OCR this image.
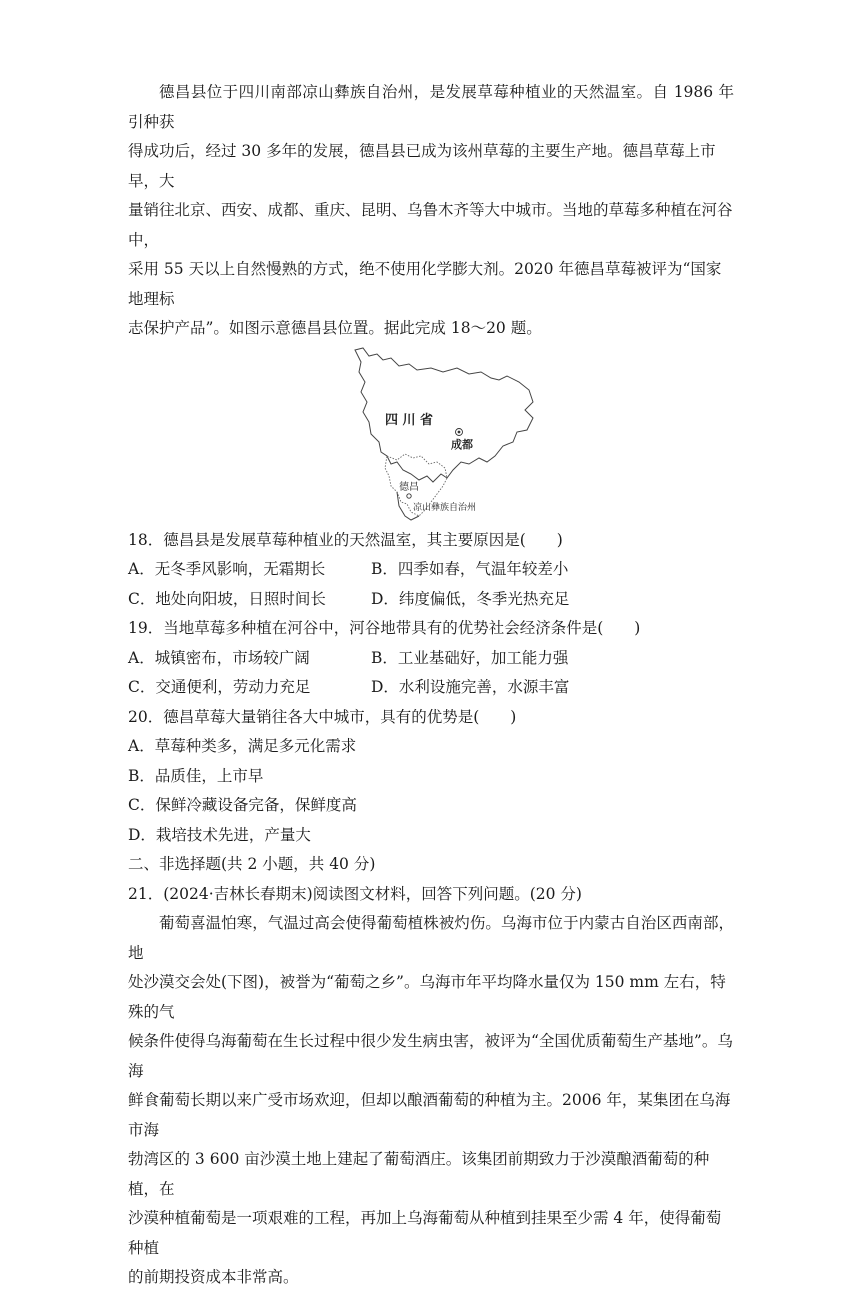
德昌县位于四川南部凉山彝族自治州，是发展草莓种植业的天然温室。自 1986 年引种获

得成功后，经过 30 多年的发展，德昌县已成为该州草莓的主要生产地。德昌草莓上市早，大

量销往北京、西安、成都、重庆、昆明、乌鲁木齐等大中城市。当地的草莓多种植在河谷中，

采用 55 天以上自然慢熟的方式，绝不使用化学膨大剂。2020 年德昌草莓被评为“国家地理标

志保护产品”。如图示意德昌县位置。据此完成 18～20 题。

四 川 省
成都
德昌
凉山彝族自治州

18．德昌县是发展草莓种植业的天然温室，其主要原因是(　　)

A．无冬季风影响，无霜期长	B．四季如春，气温年较差小

C．地处向阳坡，日照时间长	D．纬度偏低，冬季光热充足

19．当地草莓多种植在河谷中，河谷地带具有的优势社会经济条件是(　　)

A．城镇密布，市场较广阔	B．工业基础好，加工能力强

C．交通便利，劳动力充足	D．水利设施完善，水源丰富

20．德昌草莓大量销往各大中城市，具有的优势是(　　)

A．草莓种类多，满足多元化需求

B．品质佳，上市早

C．保鲜冷藏设备完备，保鲜度高

D．栽培技术先进，产量大

二、非选择题(共 2 小题，共 40 分)

21．(2024·吉林长春期末)阅读图文材料，回答下列问题。(20 分)

葡萄喜温怕寒，气温过高会使得葡萄植株被灼伤。乌海市位于内蒙古自治区西南部，地

处沙漠交会处(下图)，被誉为“葡萄之乡”。乌海市年平均降水量仅为 150 mm 左右，特殊的气

候条件使得乌海葡萄在生长过程中很少发生病虫害，被评为“全国优质葡萄生产基地”。乌海

鲜食葡萄长期以来广受市场欢迎，但却以酿酒葡萄的种植为主。2006 年，某集团在乌海市海

勃湾区的 3 600 亩沙漠土地上建起了葡萄酒庄。该集团前期致力于沙漠酿酒葡萄的种植，在

沙漠种植葡萄是一项艰难的工程，再加上乌海葡萄从种植到挂果至少需 4 年，使得葡萄种植

的前期投资成本非常高。
